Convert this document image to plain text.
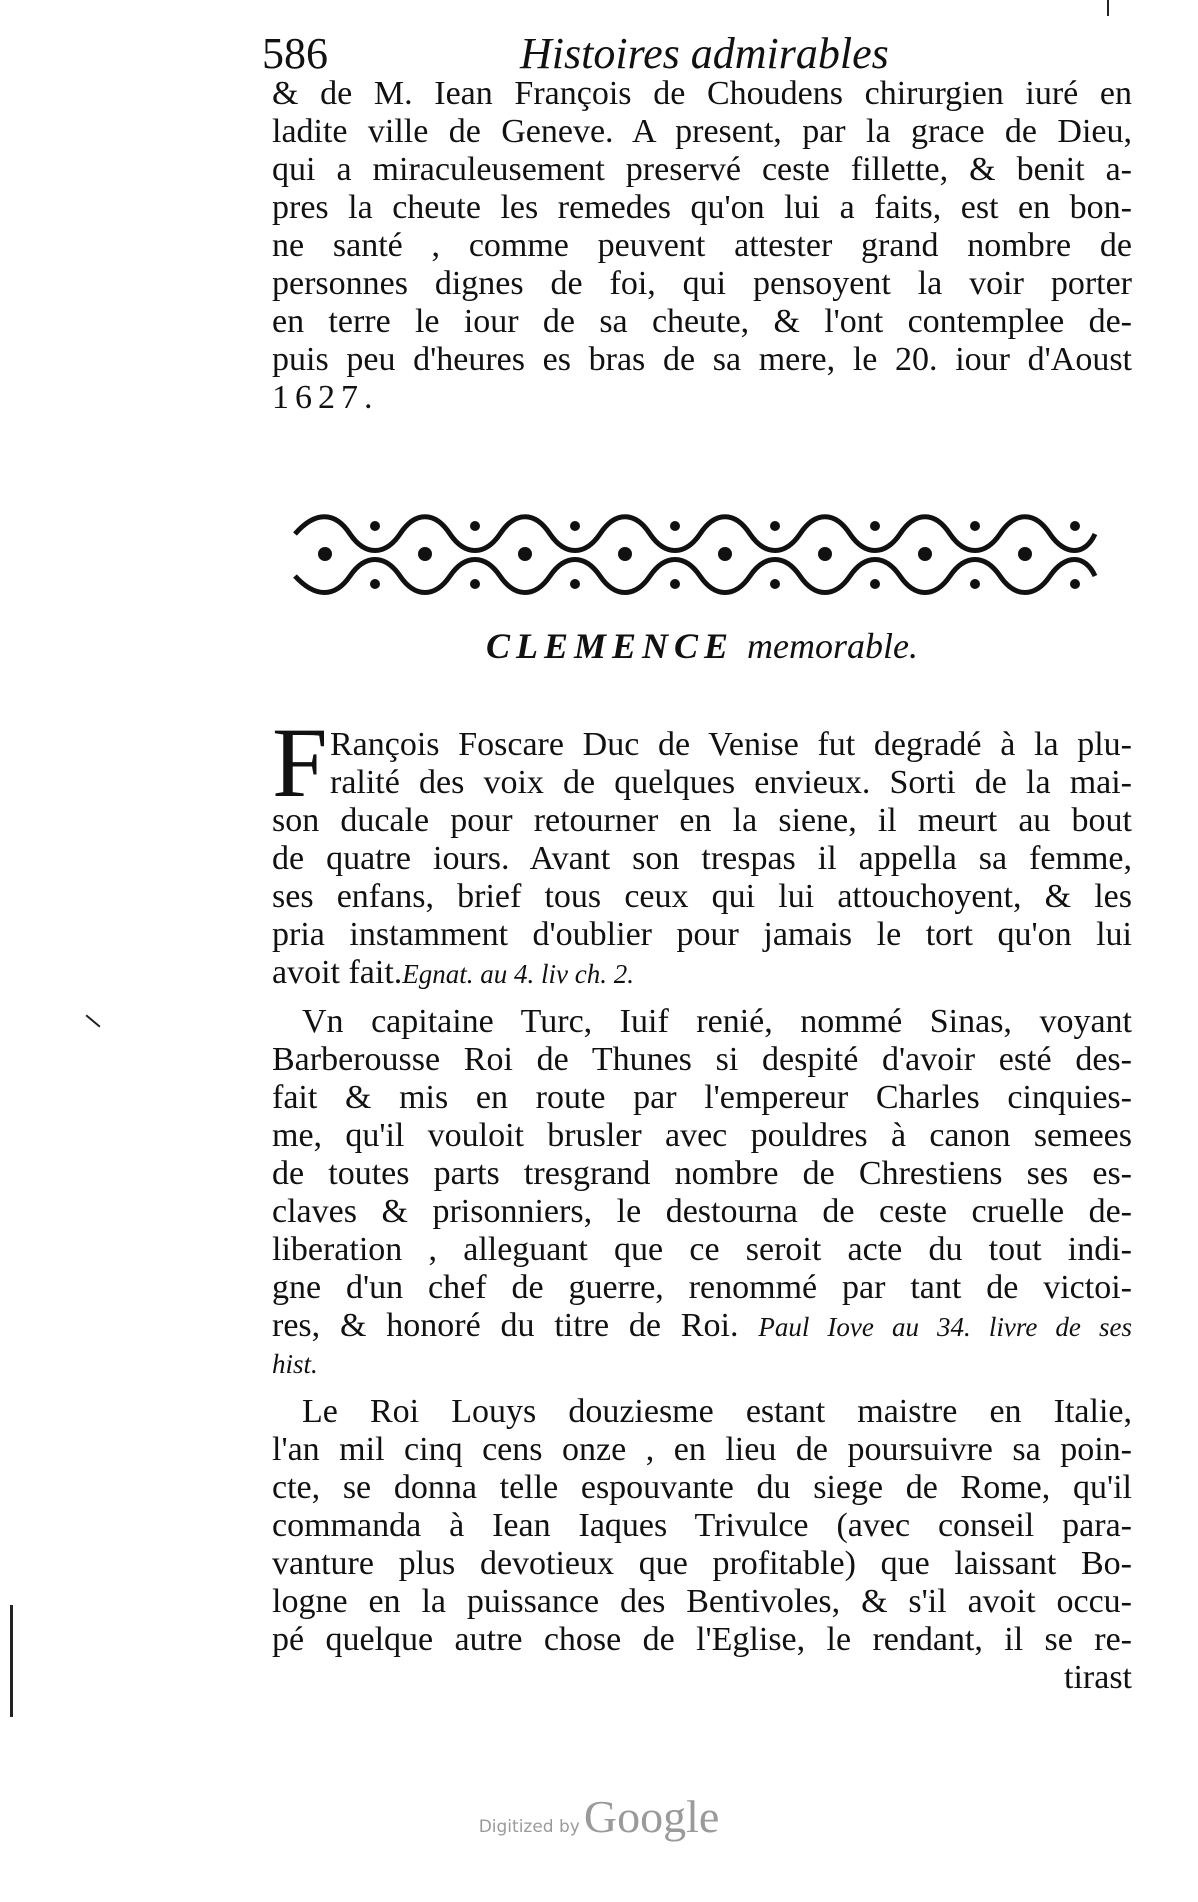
586	Histoires admirables
& de M. Iean François de Choudens chirurgien iuré en
ladite ville de Geneve. A present, par la grace de Dieu,
qui a miraculeusement preservé ceste fillette, & benit a-
pres la cheute les remedes qu'on lui a faits, est en bon-
ne santé , comme peuvent attester grand nombre de
personnes dignes de foi, qui pensoyent la voir porter
en terre le iour de sa cheute, & l'ont contemplee de-
puis peu d'heures es bras de sa mere, le 20. iour d'Aoust
1627.
CLEMENCE memorable.
F Rançois Foscare Duc de Venise fut degradé à la plu-
ralité des voix de quelques envieux. Sorti de la mai-
son ducale pour retourner en la siene, il meurt au bout
de quatre iours. Avant son trespas il appella sa femme,
ses enfans, brief tous ceux qui lui attouchoyent, & les
pria instamment d'oublier pour jamais le tort qu'on lui
avoit fait.Egnat. au 4. liv ch. 2.
Vn capitaine Turc, Iuif renié, nommé Sinas, voyant
Barberousse Roi de Thunes si despité d'avoir esté des-
fait & mis en route par l'empereur Charles cinquies-
me, qu'il vouloit brusler avec pouldres à canon semees
de toutes parts tresgrand nombre de Chrestiens ses es-
claves & prisonniers, le destourna de ceste cruelle de-
liberation , alleguant que ce seroit acte du tout indi-
gne d'un chef de guerre, renommé par tant de victoi-
res, & honoré du titre de Roi. Paul Iove au 34. livre de ses
hist.
Le Roi Louys douziesme estant maistre en Italie,
l'an mil cinq cens onze , en lieu de poursuivre sa poin-
cte, se donna telle espouvante du siege de Rome, qu'il
commanda à Iean Iaques Trivulce (avec conseil para-
vanture plus devotieux que profitable) que laissant Bo-
logne en la puissance des Bentivoles, & s'il avoit occu-
pé quelque autre chose de l'Eglise, le rendant, il se re-
tirast
Digitized by Google
